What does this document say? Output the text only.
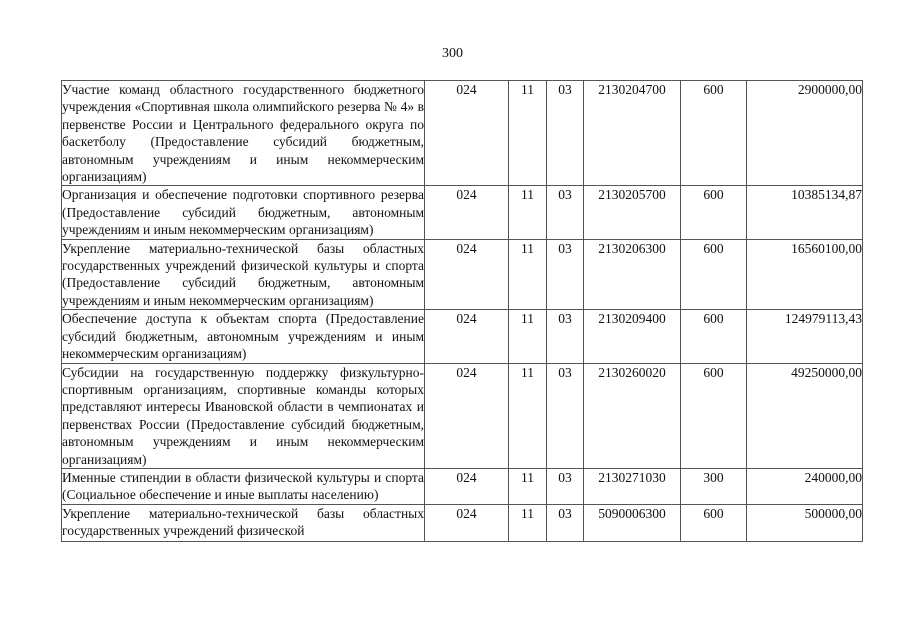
300
Участие команд областного государственного бюджетного учреждения «Спортивная школа олимпийского резерва № 4» в первенстве России и Центрального федерального округа по баскетболу (Предоставление субсидий бюджетным, автономным учреждениям и иным некоммерческим организациям)	024	11	03	2130204700	600	2900000,00
Организация и обеспечение подготовки спортивного резерва (Предоставление субсидий бюджетным, автономным учреждениям и иным некоммерческим организациям)	024	11	03	2130205700	600	10385134,87
Укрепление материально-технической базы областных государственных учреждений физической культуры и спорта (Предоставление субсидий бюджетным, автономным учреждениям и иным некоммерческим организациям)	024	11	03	2130206300	600	16560100,00
Обеспечение доступа к объектам спорта (Предоставление субсидий бюджетным, автономным учреждениям и иным некоммерческим организациям)	024	11	03	2130209400	600	124979113,43
Субсидии на государственную поддержку физкультурно-спортивным организациям, спортивные команды которых представляют интересы Ивановской области в чемпионатах и первенствах России (Предоставление субсидий бюджетным, автономным учреждениям и иным некоммерческим организациям)	024	11	03	2130260020	600	49250000,00
Именные стипендии в области физической культуры и спорта (Социальное обеспечение и иные выплаты населению)	024	11	03	2130271030	300	240000,00
Укрепление материально-технической базы областных государственных учреждений физической	024	11	03	5090006300	600	500000,00
